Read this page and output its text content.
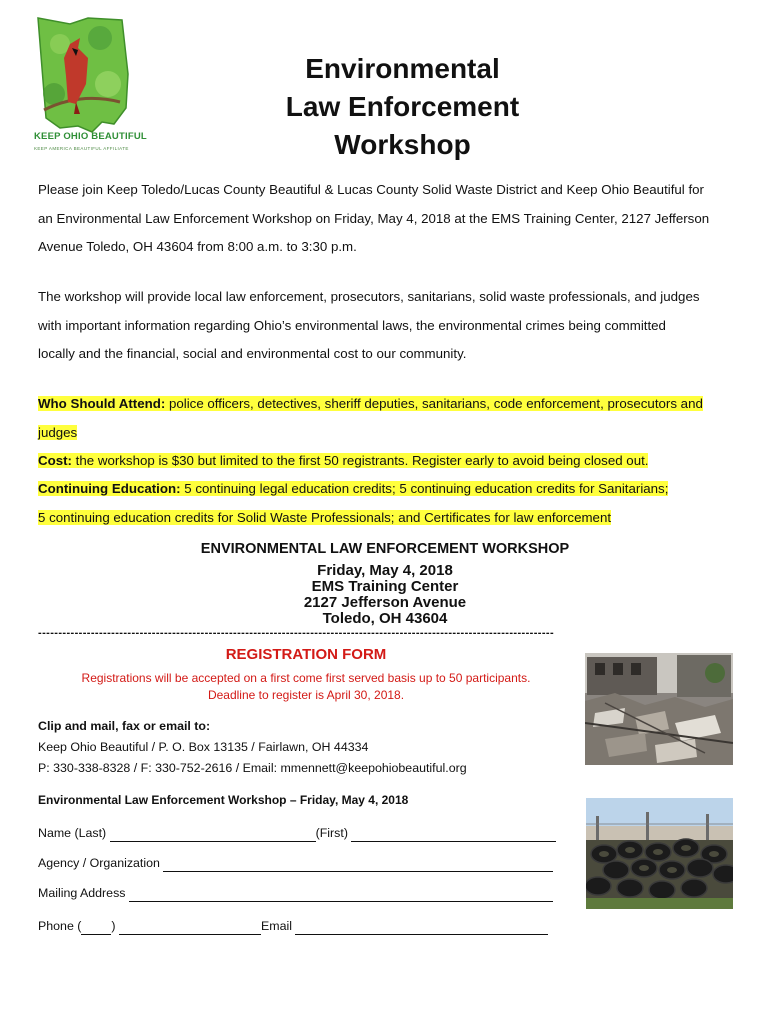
KEEP OHIO BEAUTIFUL
KEEP AMERICA BEAUTIFUL AFFILIATE
Environmental
Law Enforcement
Workshop
Please join Keep Toledo/Lucas County Beautiful & Lucas County Solid Waste District and Keep Ohio Beautiful for
an Environmental Law Enforcement Workshop on Friday, May 4, 2018 at the EMS Training Center, 2127 Jefferson
Avenue Toledo, OH 43604 from 8:00 a.m. to 3:30 p.m.
The workshop will provide local law enforcement, prosecutors, sanitarians, solid waste professionals, and judges
with important information regarding Ohio’s environmental laws, the environmental crimes being committed
locally and the financial, social and environmental cost to our community.
Who Should Attend: police officers, detectives, sheriff deputies, sanitarians, code enforcement, prosecutors and
judges
Cost: the workshop is $30 but limited to the first 50 registrants. Register early to avoid being closed out.
Continuing Education: 5 continuing legal education credits; 5 continuing education credits for Sanitarians;
5 continuing education credits for Solid Waste Professionals; and Certificates for law enforcement
ENVIRONMENTAL LAW ENFORCEMENT WORKSHOP
Friday, May 4, 2018
EMS Training Center
2127 Jefferson Avenue
Toledo, OH 43604
-------------------------------------------------------------------------------------------------------------------------------
REGISTRATION FORM
Registrations will be accepted on a first come first served basis up to 50 participants.
Deadline to register is April 30, 2018.
Clip and mail, fax or email to:
Keep Ohio Beautiful / P. O. Box 13135 / Fairlawn, OH 44334
P: 330-338-8328 / F: 330-752-2616 / Email: mmennett@keepohiobeautiful.org
Environmental Law Enforcement Workshop – Friday, May 4, 2018
Name (Last)	(First)
Agency / Organization
Mailing Address
Phone ( )	Email
